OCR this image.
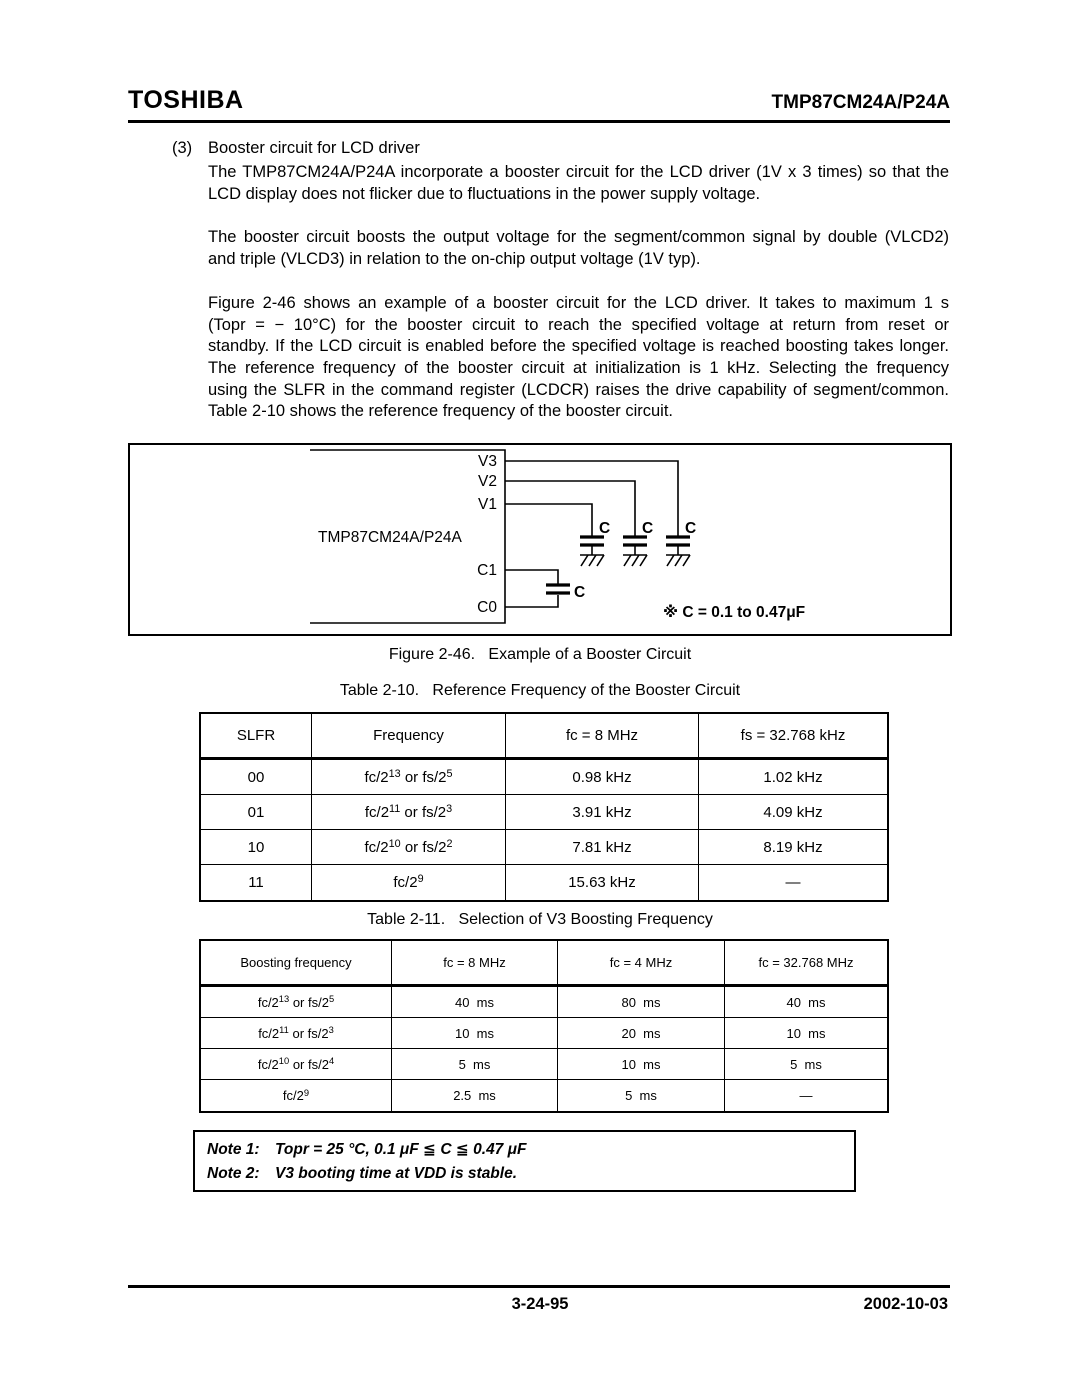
TOSHIBA	TMP87CM24A/P24A
(3) Booster circuit for LCD driver
The TMP87CM24A/P24A incorporate a booster circuit for the LCD driver (1V x 3 times) so that the
LCD display does not flicker due to fluctuations in the power supply voltage.
The booster circuit boosts the output voltage for the segment/common signal by double (VLCD2)
and triple (VLCD3) in relation to the on-chip output voltage (1V typ).
Figure 2-46 shows an example of a booster circuit for the LCD driver. It takes to maximum 1 s
(Topr = − 10°C) for the booster circuit to reach the specified voltage at return from reset or
standby. If the LCD circuit is enabled before the specified voltage is reached boosting takes longer.
The reference frequency of the booster circuit at initialization is 1 kHz. Selecting the frequency
using the SLFR in the command register (LCDCR) raises the drive capability of segment/common.
Table 2-10 shows the reference frequency of the booster circuit.
TMP87CM24A/P24A
V3
V2
V1
C1
C0
C C C
C
※ C = 0.1 to 0.47μF
Figure 2-46.   Example of a Booster Circuit
Table 2-10.   Reference Frequency of the Booster Circuit
SLFR	Frequency	fc = 8 MHz	fs = 32.768 kHz
00	$fc/2^{13}$ or $fs/2^5$	0.98 kHz	1.02 kHz
01	$fc/2^{11}$ or $fs/2^3$	3.91 kHz	4.09 kHz
10	$fc/2^{10}$ or $fs/2^2$	7.81 kHz	8.19 kHz
11	$fc/2^9$	15.63 kHz	—
Table 2-11.   Selection of V3 Boosting Frequency
Boosting frequency	fc = 8 MHz	fc = 4 MHz	fc = 32.768 MHz
$fc/2^{13}$ or $fs/2^5$	40  ms	80  ms	40  ms
$fc/2^{11}$ or $fs/2^3$	10  ms	20  ms	10  ms
$fc/2^{10}$ or $fs/2^4$	5  ms	10  ms	5  ms
$fc/2^9$	2.5  ms	5  ms	—
Note 1: Topr = 25 °C, 0.1 μF ≦ C ≦ 0.47 μF
Note 2: V3 booting time at VDD is stable.
3-24-95	2002-10-03
